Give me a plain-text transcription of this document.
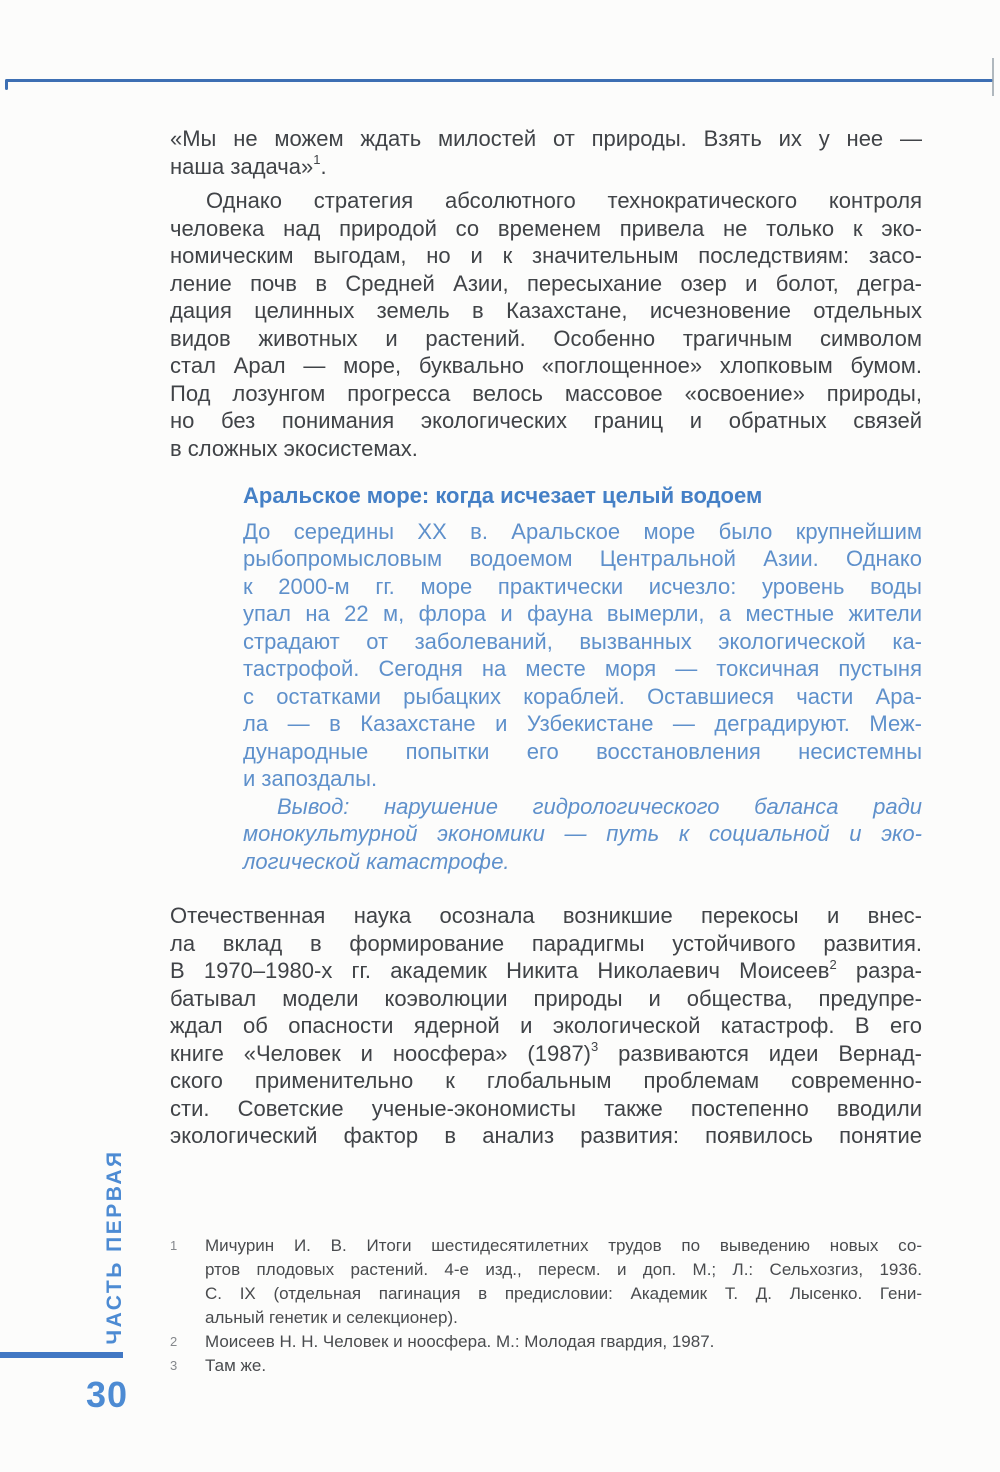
«Мы не можем ждать милостей от природы. Взять их у нее —
наша задача»$^1$.
Однако стратегия абсолютного технократического контроля
человека над природой со временем привела не только к эко-
номическим выгодам, но и к значительным последствиям: засо-
ление почв в Средней Азии, пересыхание озер и болот, дегра-
дация целинных земель в Казахстане, исчезновение отдельных
видов животных и растений. Особенно трагичным символом
стал Арал — море, буквально «поглощенное» хлопковым бумом.
Под лозунгом прогресса велось массовое «освоение» природы,
но без понимания экологических границ и обратных связей
в сложных экосистемах.
Аральское море: когда исчезает целый водоем
До середины XX в. Аральское море было крупнейшим
рыбопромысловым водоемом Центральной Азии. Однако
к 2000-м гг. море практически исчезло: уровень воды
упал на 22 м, флора и фауна вымерли, а местные жители
страдают от заболеваний, вызванных экологической ка-
тастрофой. Сегодня на месте моря — токсичная пустыня
с остатками рыбацких кораблей. Оставшиеся части Ара-
ла — в Казахстане и Узбекистане — деградируют. Меж-
дународные попытки его восстановления несистемны
и запоздалы.
Вывод: нарушение гидрологического баланса ради
монокультурной экономики — путь к социальной и эко-
логической катастрофе.
Отечественная наука осознала возникшие перекосы и внес-
ла вклад в формирование парадигмы устойчивого развития.
В 1970–1980-х гг. академик Никита Николаевич Моисеев$^2$ разра-
батывал модели коэволюции природы и общества, предупре-
ждал об опасности ядерной и экологической катастроф. В его
книге «Человек и ноосфера» $(1987)^3$ развиваются идеи Вернад-
ского применительно к глобальным проблемам современно-
сти. Советские ученые-экономисты также постепенно вводили
экологический фактор в анализ развития: появилось понятие
1	Мичурин И. В. Итоги шестидесятилетних трудов по выведению новых со-
ртов плодовых растений. 4-е изд., пересм. и доп. М.; Л.: Сельхозгиз, 1936.
С. IX (отдельная пагинация в предисловии: Академик Т. Д. Лысенко. Гени-
альный генетик и селекционер).
2	Моисеев Н. Н. Человек и ноосфера. М.: Молодая гвардия, 1987.
3	Там же.
ЧАСТЬ ПЕРВАЯ
30
